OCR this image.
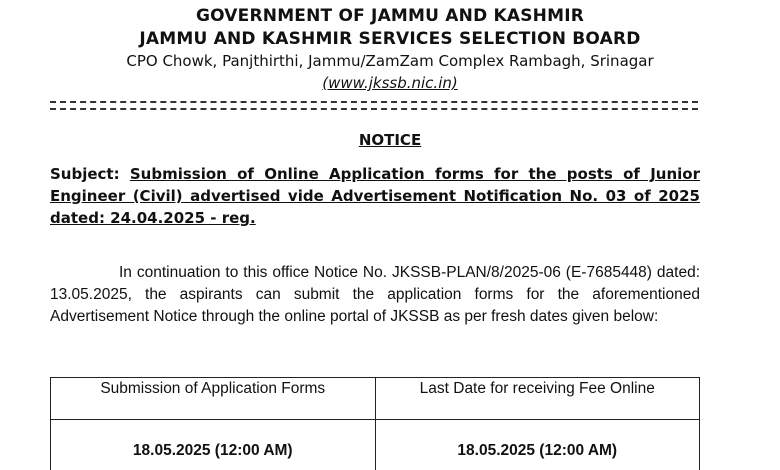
GOVERNMENT OF JAMMU AND KASHMIR
JAMMU AND KASHMIR SERVICES SELECTION BOARD
CPO Chowk, Panjthirthi, Jammu/ZamZam Complex Rambagh, Srinagar
(www.jkssb.nic.in)
NOTICE
Subject: Submission of Online Application forms for the posts of Junior Engineer (Civil) advertised vide Advertisement Notification No. 03 of 2025 dated: 24.04.2025 - reg.
In continuation to this office Notice No. JKSSB-PLAN/8/2025-06 (E-7685448) dated: 13.05.2025, the aspirants can submit the application forms for the aforementioned Advertisement Notice through the online portal of JKSSB as per fresh dates given below:
Submission of Application Forms	Last Date for receiving Fee Online
18.05.2025 (12:00 AM)	18.05.2025 (12:00 AM)
